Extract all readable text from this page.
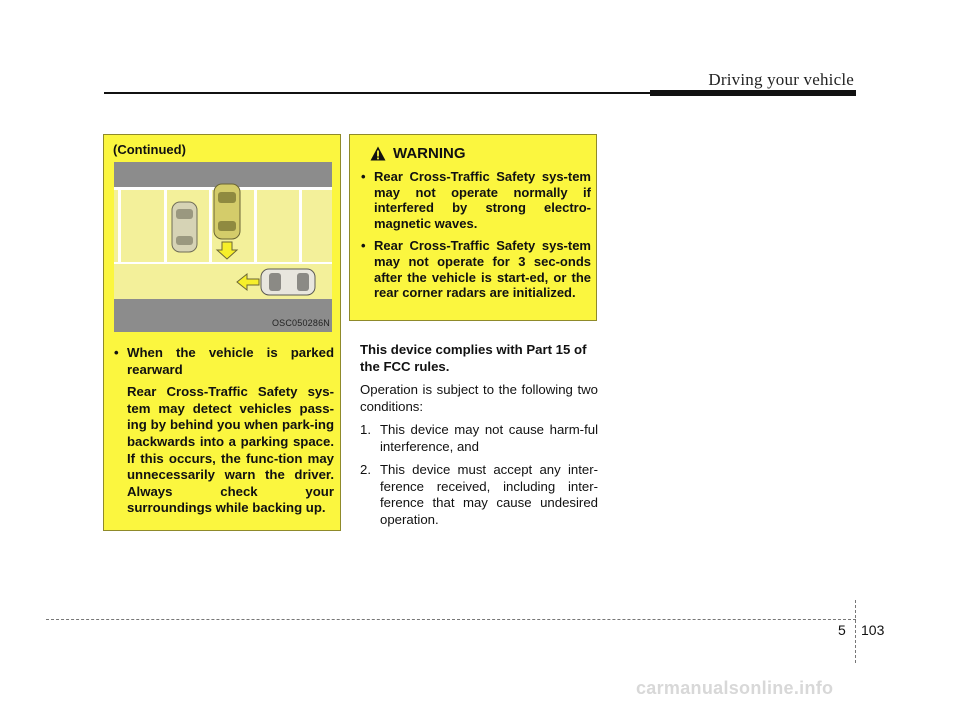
Driving your vehicle
(Continued)
OSC050286N
• When the vehicle is parked rearward
Rear Cross-Traffic Safety sys-tem may detect vehicles pass-ing by behind you when park-ing backwards into a parking space. If this occurs, the func-tion may unnecessarily warn the driver. Always check your surroundings while backing up.
WARNING
• Rear Cross-Traffic Safety sys-tem may not operate normally if interfered by strong electro-magnetic waves.
• Rear Cross-Traffic Safety sys-tem may not operate for 3 sec-onds after the vehicle is start-ed, or the rear corner radars are initialized.

This device complies with Part 15 of the FCC rules.

Operation is subject to the following two conditions:

1. This device may not cause harm-ful interference, and
2. This device must accept any inter-ference received, including inter-ference that may cause undesired operation.
5 103
carmanualsonline.info
